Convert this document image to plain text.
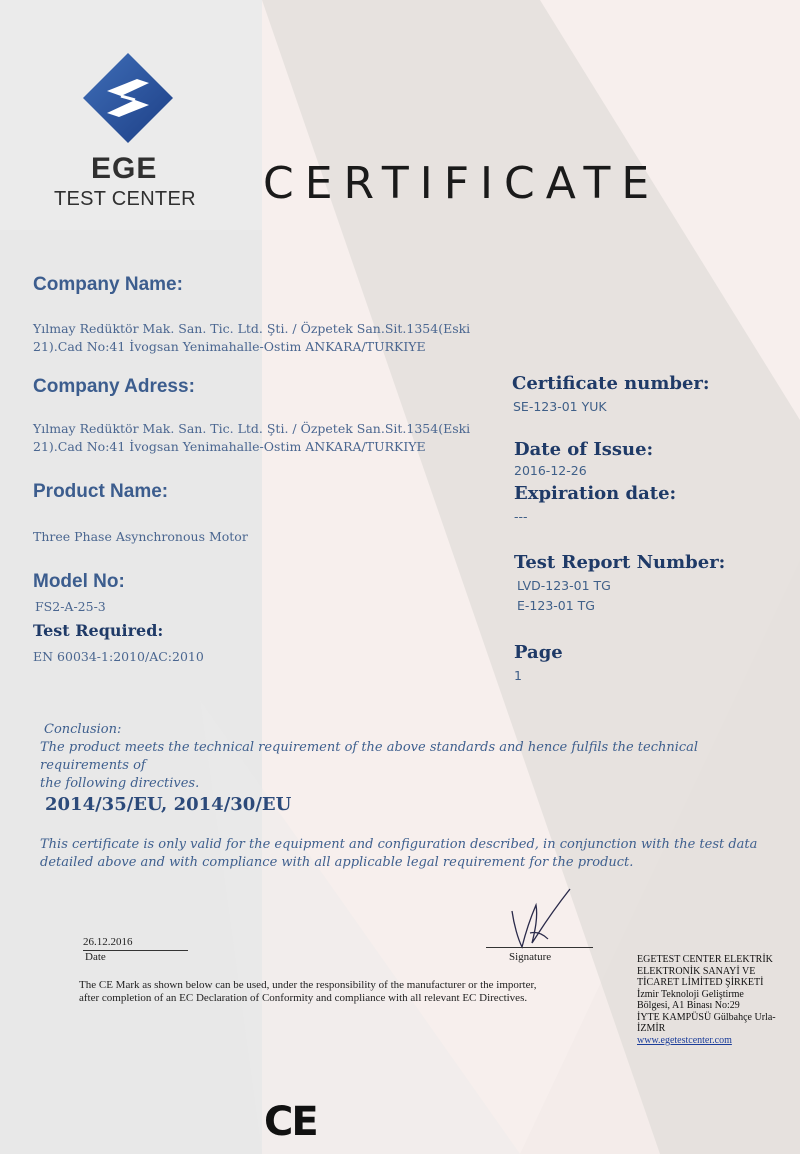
EGE
TEST CENTER CERTIFICATE
Company Name:
Yılmay Redüktör Mak. San. Tic. Ltd. Şti. / Özpetek San.Sit.1354(Eski
21).Cad No:41 İvogsan Yenimahalle-Ostim ANKARA/TURKIYE
Company Adress:
Yılmay Redüktör Mak. San. Tic. Ltd. Şti. / Özpetek San.Sit.1354(Eski
21).Cad No:41 İvogsan Yenimahalle-Ostim ANKARA/TURKIYE
Product Name:
Three Phase Asynchronous Motor
Model No:
FS2-A-25-3
Test Required:
EN 60034-1:2010/AC:2010
Certificate number:
SE-123-01 YUK
Date of Issue:
2016-12-26
Expiration date:
---
Test Report Number:
LVD-123-01 TG
E-123-01 TG
Page
1
Conclusion:
The product meets the technical requirement of the above standards and hence fulfils the technical requirements of
the following directives.
2014/35/EU, 2014/30/EU
This certificate is only valid for the equipment and configuration described, in conjunction with the test data
detailed above and with compliance with all applicable legal requirement for the product.
26.12.2016
Date	Signature
The CE Mark as shown below can be used, under the responsibility of the manufacturer or the importer,
after completion of an EC Declaration of Conformity and compliance with all relevant EC Directives.
EGETEST CENTER ELEKTRİK
ELEKTRONİK SANAYİ VE
TİCARET LİMİTED ŞİRKETİ
İzmir Teknoloji Geliştirme
Bölgesi, A1 Binası No:29
İYTE KAMPÜSÜ Gülbahçe Urla-
İZMİR
www.egetestcenter.com
CE
